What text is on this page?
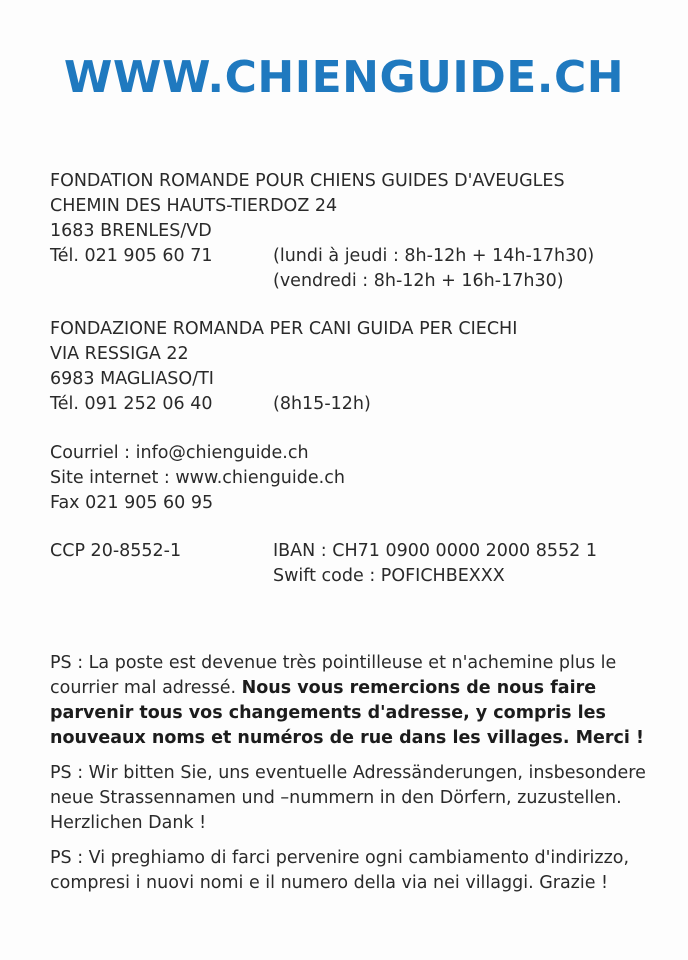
WWW.CHIENGUIDE.CH
FONDATION ROMANDE POUR CHIENS GUIDES D'AVEUGLES
CHEMIN DES HAUTS-TIERDOZ 24
1683 BRENLES/VD
Tél. 021 905 60 71	(lundi à jeudi : 8h-12h + 14h-17h30)
(vendredi : 8h-12h + 16h-17h30)
FONDAZIONE ROMANDA PER CANI GUIDA PER CIECHI
VIA RESSIGA 22
6983 MAGLIASO/TI
Tél. 091 252 06 40	(8h15-12h)
Courriel : info@chienguide.ch
Site internet : www.chienguide.ch
Fax 021 905 60 95
CCP 20-8552-1	IBAN : CH71 0900 0000 2000 8552 1
Swift code : POFICHBEXXX

PS : La poste est devenue très pointilleuse et n'achemine plus le courrier mal adressé. Nous vous remercions de nous faire parvenir tous vos changements d'adresse, y compris les nouveaux noms et numéros de rue dans les villages. Merci !

PS : Wir bitten Sie, uns eventuelle Adressänderungen, insbesondere neue Strassennamen und –nummern in den Dörfern, zuzustellen. Herzlichen Dank !

PS : Vi preghiamo di farci pervenire ogni cambiamento d'indirizzo, compresi i nuovi nomi e il numero della via nei villaggi. Grazie !
